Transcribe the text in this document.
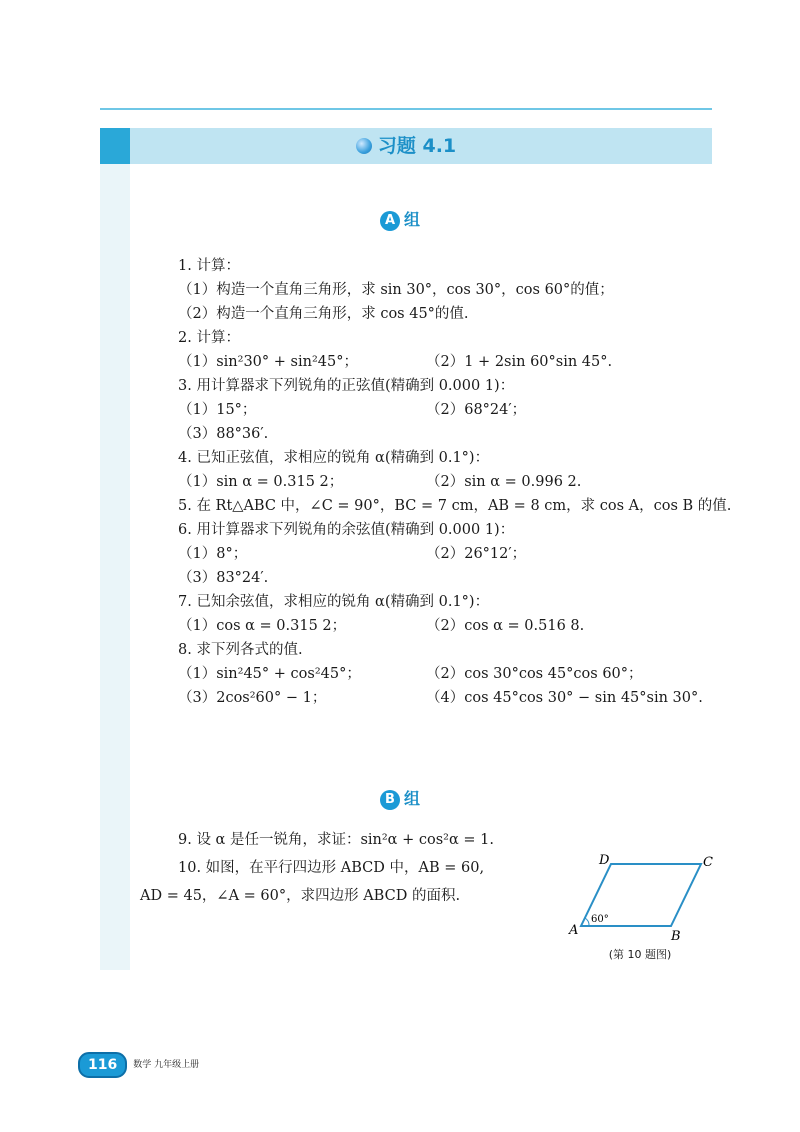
习题 4.1
A 组
1. 计算：
（1）构造一个直角三角形，求 sin 30°，cos 30°，cos 60°的值；
（2）构造一个直角三角形，求 cos 45°的值.
2. 计算：
（1）sin²30° + sin²45°；	（2）1 + 2sin 60°sin 45°.
3. 用计算器求下列锐角的正弦值(精确到 0.000 1)：
（1）15°；	（2）68°24′；
（3）88°36′.
4. 已知正弦值，求相应的锐角 α(精确到 0.1°)：
（1）sin α = 0.315 2；	（2）sin α = 0.996 2.
5. 在 Rt△ABC 中，∠C = 90°，BC = 7 cm，AB = 8 cm，求 cos A，cos B 的值.
6. 用计算器求下列锐角的余弦值(精确到 0.000 1)：
（1）8°；	（2）26°12′；
（3）83°24′.
7. 已知余弦值，求相应的锐角 α(精确到 0.1°)：
（1）cos α = 0.315 2；	（2）cos α = 0.516 8.
8. 求下列各式的值.
（1）sin²45° + cos²45°；	（2）cos 30°cos 45°cos 60°；
（3）2cos²60° − 1；	（4）cos 45°cos 30° − sin 45°sin 30°.
B 组
9. 设 α 是任一锐角，求证：sin²α + cos²α = 1.
10. 如图，在平行四边形 ABCD 中，AB = 60,
AD = 45，∠A = 60°，求四边形 ABCD 的面积.
A	B
C
D
60°
(第 10 题图)
116 数学 九年级上册
